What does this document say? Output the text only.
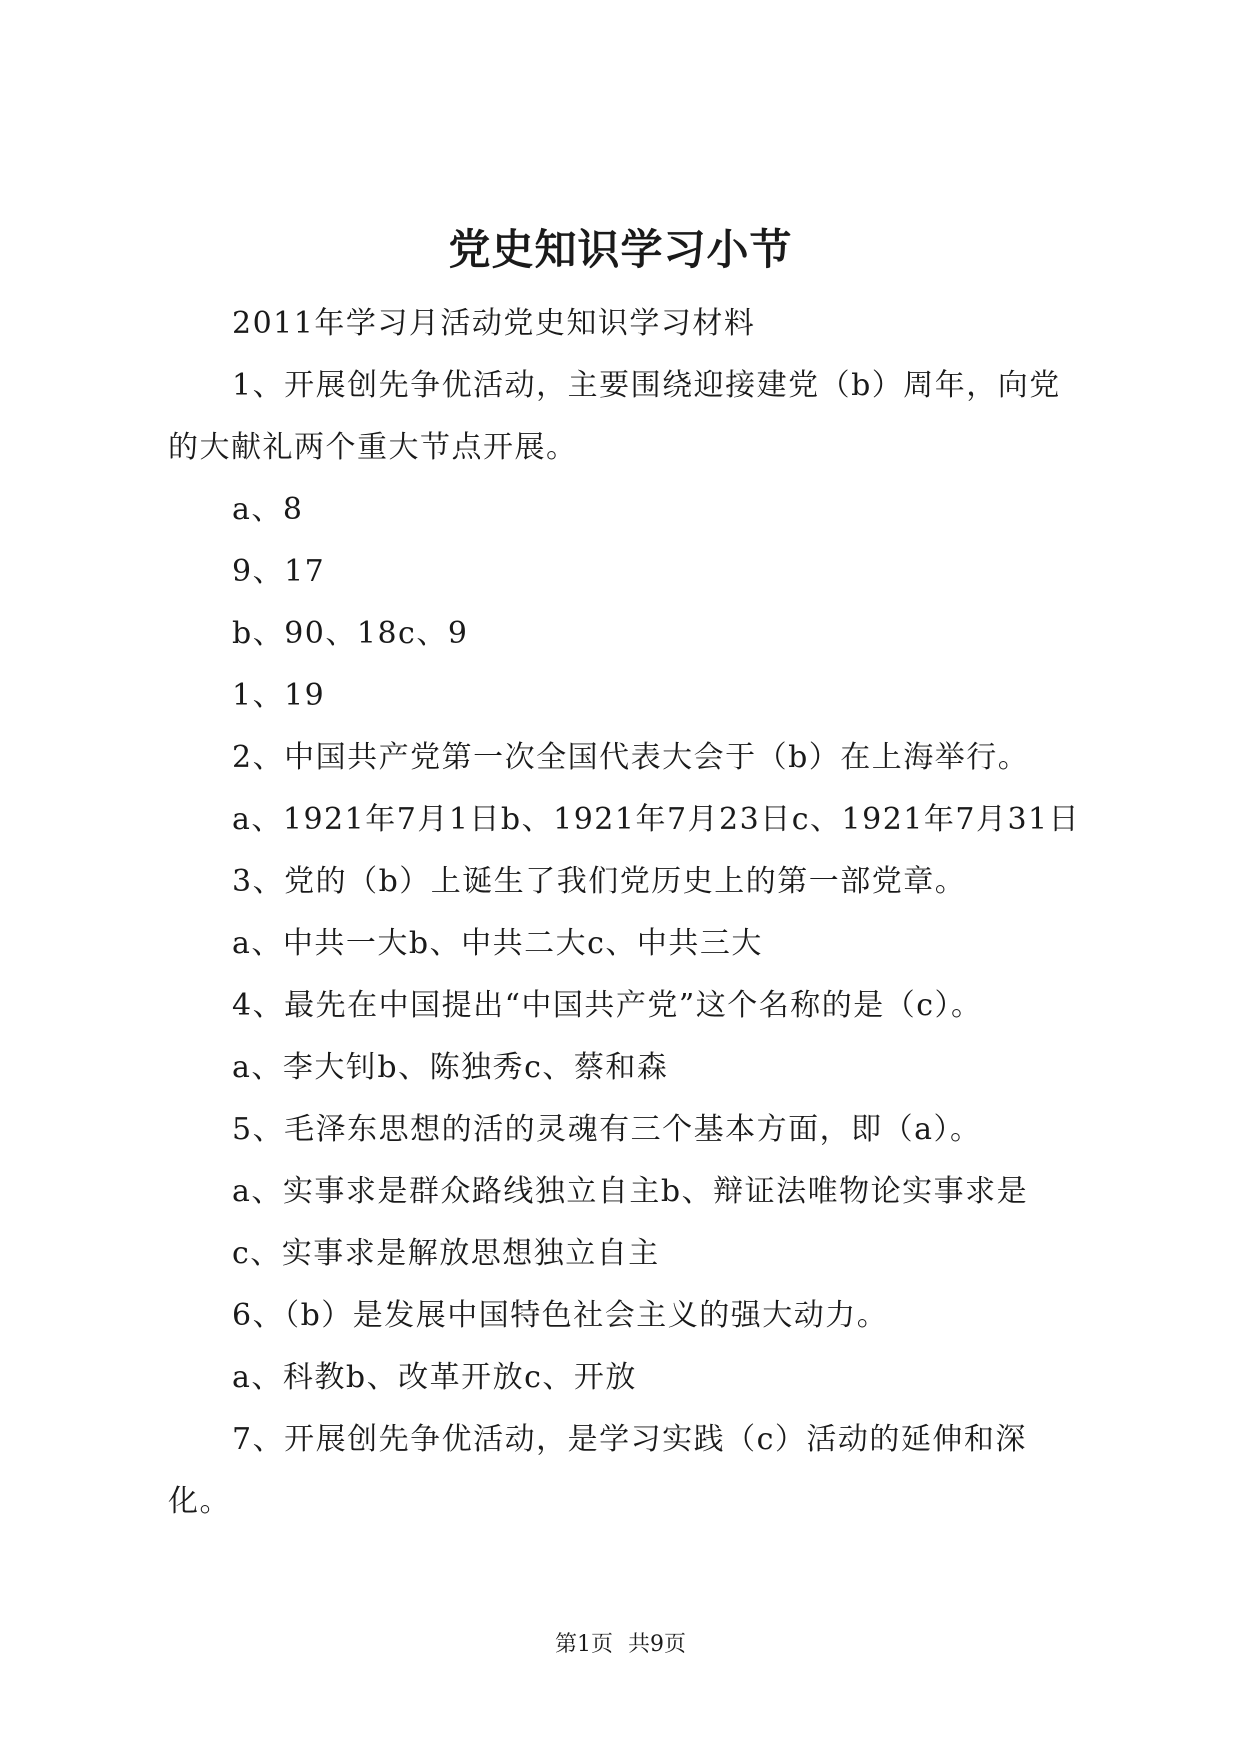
党史知识学习小节

2011年学习月活动党史知识学习材料

1、开展创先争优活动，主要围绕迎接建党（b）周年，向党的大献礼两个重大节点开展。

a、8

9、17

b、90、18c、9

1、19

2、中国共产党第一次全国代表大会于（b）在上海举行。

a、1921年7月1日b、1921年7月23日c、1921年7月31日

3、党的（b）上诞生了我们党历史上的第一部党章。

a、中共一大b、中共二大c、中共三大

4、最先在中国提出“中国共产党”这个名称的是（c）。

a、李大钊b、陈独秀c、蔡和森

5、毛泽东思想的活的灵魂有三个基本方面，即（a）。

a、实事求是群众路线独立自主b、辩证法唯物论实事求是

c、实事求是解放思想独立自主

6、（b）是发展中国特色社会主义的强大动力。

a、科教b、改革开放c、开放

7、开展创先争优活动，是学习实践（c）活动的延伸和深化。

第1页 共9页
